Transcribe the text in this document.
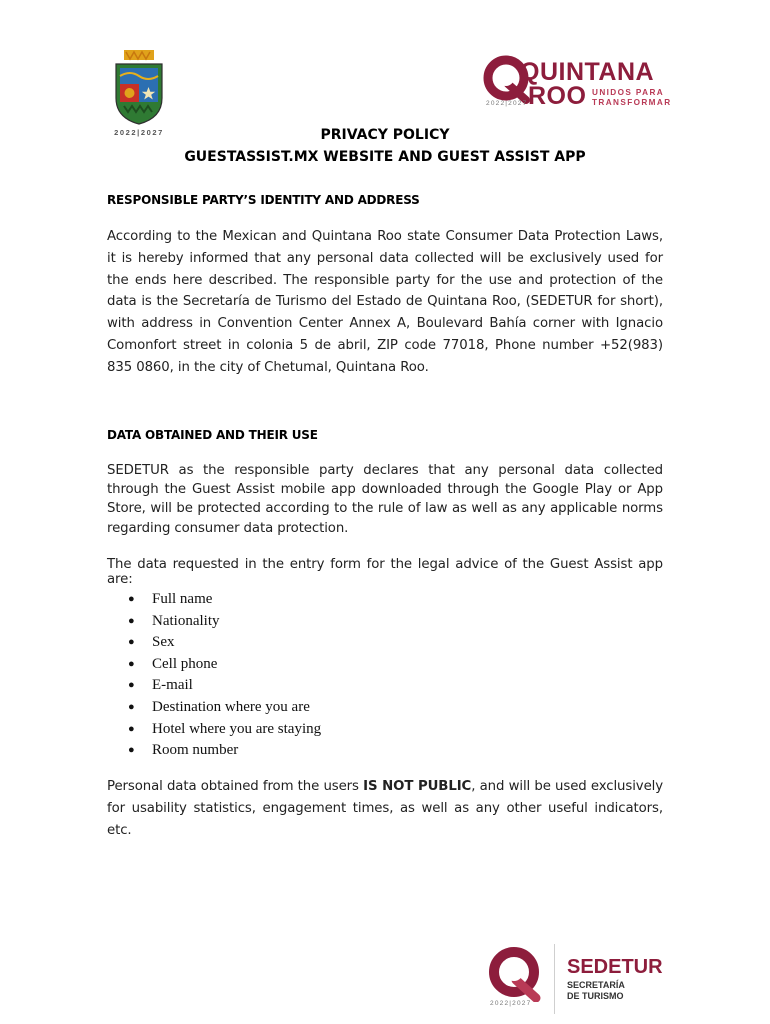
2022|2027
QUINTANA
ROO UNIDOS PARA TRANSFORMAR
2022|2027
PRIVACY POLICY
GUESTASSIST.MX WEBSITE AND GUEST ASSIST APP
RESPONSIBLE PARTY’S IDENTITY AND ADDRESS
According to the Mexican and Quintana Roo state Consumer Data Protection Laws, it is hereby informed that any personal data collected will be exclusively used for the ends here described. The responsible party for the use and protection of the data is the Secretaría de Turismo del Estado de Quintana Roo, (SEDETUR for short), with address in Convention Center Annex A, Boulevard Bahía corner with Ignacio Comonfort street in colonia 5 de abril, ZIP code 77018, Phone number +52(983) 835 0860, in the city of Chetumal, Quintana Roo.
DATA OBTAINED AND THEIR USE
SEDETUR as the responsible party declares that any personal data collected through the Guest Assist mobile app downloaded through the Google Play or App Store, will be protected according to the rule of law as well as any applicable norms regarding consumer data protection.
The data requested in the entry form for the legal advice of the Guest Assist app are:
● Full name
● Nationality
● Sex
● Cell phone
● E-mail
● Destination where you are
● Hotel where you are staying
● Room number
Personal data obtained from the users IS NOT PUBLIC, and will be used exclusively for usability statistics, engagement times, as well as any other useful indicators, etc.
SEDETUR
SECRETARÍA
DE TURISMO
2022|2027
